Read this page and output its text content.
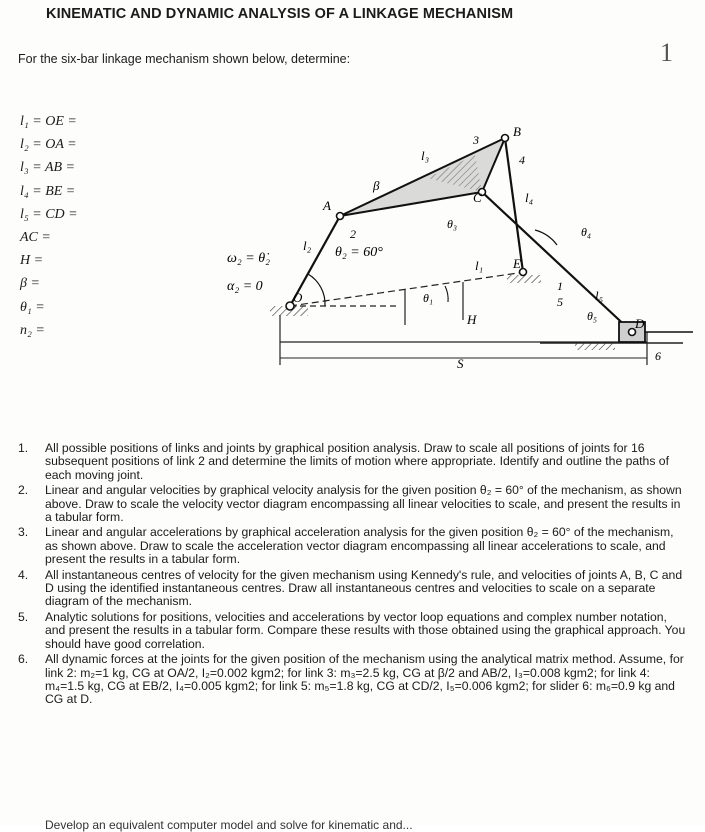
KINEMATIC AND DYNAMIC ANALYSIS OF A LINKAGE MECHANISM
1
For the six-bar linkage mechanism shown below, determine:
l₁ = OE =
l₂ = OA =
l₃ = AB =
l₄ = BE =
l₅ = CD =
AC =
H =
β =
θ₁ =
n₂ =
ω₂ = θ̇₂
α₂ = 0
θ₂ = 60°
O
A
B
C
D
E
H
S
2
3
4
5
6
1
l₁
l₂
l₃
l₄
l₅
θ₁
θ₃
θ₄
θ₅
β
1. All possible positions of links and joints by graphical position analysis. Draw to scale all positions of joints for 16 subsequent positions of link 2 and determine the limits of motion where appropriate. Identify and outline the paths of each moving joint.
2. Linear and angular velocities by graphical velocity analysis for the given position θ₂ = 60° of the mechanism, as shown above. Draw to scale the velocity vector diagram encompassing all linear velocities to scale, and present the results in a tabular form.
3. Linear and angular accelerations by graphical acceleration analysis for the given position θ₂ = 60° of the mechanism, as shown above. Draw to scale the acceleration vector diagram encompassing all linear accelerations to scale, and present the results in a tabular form.
4. All instantaneous centres of velocity for the given mechanism using Kennedy's rule, and velocities of joints A, B, C and D using the identified instantaneous centres. Draw all instantaneous centres and velocities to scale on a separate diagram of the mechanism.
5. Analytic solutions for positions, velocities and accelerations by vector loop equations and complex number notation, and present the results in a tabular form. Compare these results with those obtained using the graphical approach. You should have good correlation.
6. All dynamic forces at the joints for the given position of the mechanism using the analytical matrix method. Assume, for link 2: m₂=1 kg, CG at OA/2, I₂=0.002 kgm2; for link 3: m₃=2.5 kg, CG at β/2 and AB/2, I₃=0.008 kgm2; for link 4: m₄=1.5 kg, CG at EB/2, I₄=0.005 kgm2; for link 5: m₅=1.8 kg, CG at CD/2, I₅=0.006 kgm2; for slider 6: m₆=0.9 kg and CG at D.
Develop an equivalent computer model and solve for kinematic and...
